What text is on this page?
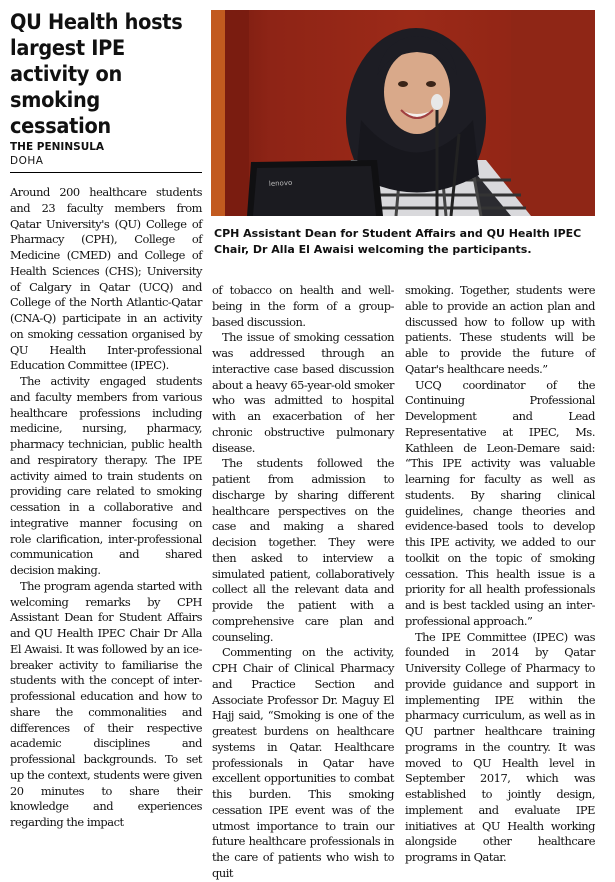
QU Health hosts largest IPE activity on smoking cessation
THE PENINSULA
DOHA
lenovo

CPH Assistant Dean for Student Affairs and QU Health IPEC Chair, Dr Alla El Awaisi welcoming the participants.

Around 200 healthcare students and 23 faculty members from Qatar University's (QU) College of Pharmacy (CPH), College of Medicine (CMED) and College of Health Sciences (CHS); University of Calgary in Qatar (UCQ) and College of the North Atlantic-Qatar (CNA-Q) participate in an activity on smoking cessation organised by QU Health Inter-professional Education Committee (IPEC).

The activity engaged students and faculty members from various healthcare professions including medicine, nursing, pharmacy, pharmacy technician, public health and respiratory therapy. The IPE activity aimed to train students on providing care related to smoking cessation in a collaborative and integrative manner focusing on role clarification, inter-professional communication and shared decision making.

The program agenda started with welcoming remarks by CPH Assistant Dean for Student Affairs and QU Health IPEC Chair Dr Alla El Awaisi. It was followed by an ice-breaker activity to familiarise the students with the concept of inter-professional education and how to share the commonalities and differences of their respective academic disciplines and professional backgrounds. To set up the context, students were given 20 minutes to share their knowledge and experiences regarding the impact

of tobacco on health and well-being in the form of a group-based discussion.

The issue of smoking cessation was addressed through an interactive case based discussion about a heavy 65-year-old smoker who was admitted to hospital with an exacerbation of her chronic obstructive pulmonary disease.

The students followed the patient from admission to discharge by sharing different healthcare perspectives on the case and making a shared decision together. They were then asked to interview a simulated patient, collaboratively collect all the relevant data and provide the patient with a comprehensive care plan and counseling.

Commenting on the activity, CPH Chair of Clinical Pharmacy and Practice Section and Associate Professor Dr. Maguy El Hajj said, “Smoking is one of the greatest burdens on healthcare systems in Qatar. Healthcare professionals in Qatar have excellent opportunities to combat this burden. This smoking cessation IPE event was of the utmost importance to train our future healthcare professionals in the care of patients who wish to quit

smoking. Together, students were able to provide an action plan and discussed how to follow up with patients. These students will be able to provide the future of Qatar's healthcare needs.”

UCQ coordinator of the Continuing Professional Development and Lead Representative at IPEC, Ms. Kathleen de Leon-Demare said: “This IPE activity was valuable learning for faculty as well as students. By sharing clinical guidelines, change theories and evidence-based tools to develop this IPE activity, we added to our toolkit on the topic of smoking cessation. This health issue is a priority for all health professionals and is best tackled using an inter-professional approach.”

The IPE Committee (IPEC) was founded in 2014 by Qatar University College of Pharmacy to provide guidance and support in implementing IPE within the pharmacy curriculum, as well as in QU partner healthcare training programs in the country. It was moved to QU Health level in September 2017, which was established to jointly design, implement and evaluate IPE initiatives at QU Health working alongside other healthcare programs in Qatar.
